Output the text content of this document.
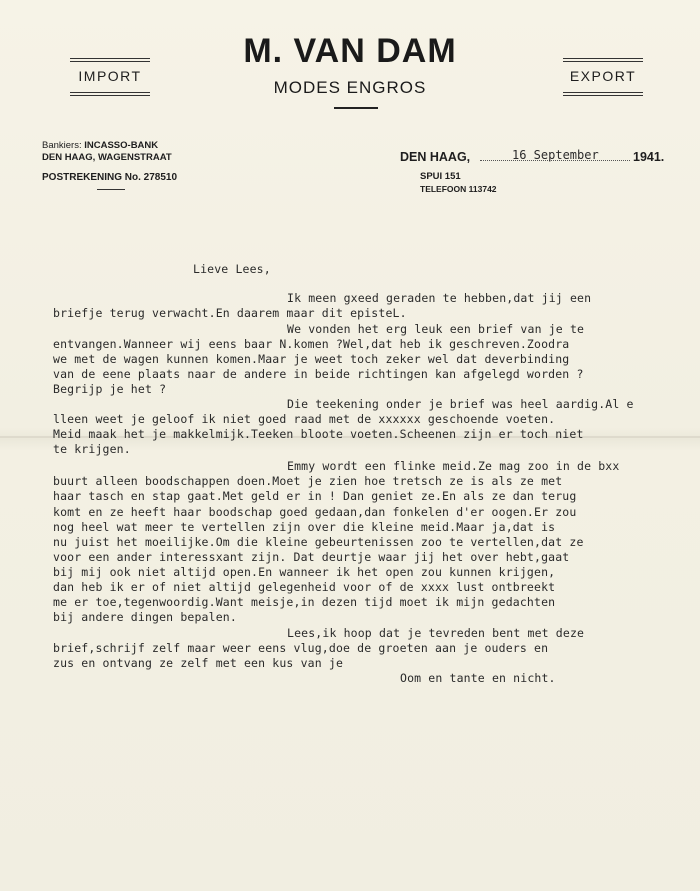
IMPORT
M. VAN DAM
MODES ENGROS
EXPORT
Bankiers: INCASSO-BANK
DEN HAAG, WAGENSTRAAT
POSTREKENING No. 278510
DEN HAAG,	16 September	1941.
SPUI 151
TELEFOON 113742
Lieve Lees,
Ik meen gxeed geraden te hebben,dat jij een
briefje terug verwacht.En daarem maar dit episteL.
We vonden het erg leuk een brief van je te
entvangen.Wanneer wij eens baar N.komen ?Wel,dat heb ik geschreven.Zoodra
we met de wagen kunnen komen.Maar je weet toch zeker wel dat deverbinding
van de eene plaats naar de andere in beide richtingen kan afgelegd worden ?
Begrijp je het ?
Die teekening onder je brief was heel aardig.Al e
lleen weet je geloof ik niet goed raad met de xxxxxx geschoende voeten.
Meid maak het je makkelmijk.Teeken bloote voeten.Scheenen zijn er toch niet
te krijgen.
Emmy wordt een flinke meid.Ze mag zoo in de bxx
buurt alleen boodschappen doen.Moet je zien hoe tretsch ze is als ze met
haar tasch en stap gaat.Met geld er in ! Dan geniet ze.En als ze dan terug
komt en ze heeft haar boodschap goed gedaan,dan fonkelen d'er oogen.Er zou
nog heel wat meer te vertellen zijn over die kleine meid.Maar ja,dat is
nu juist het moeilijke.Om die kleine gebeurtenissen zoo te vertellen,dat ze
voor een ander interessxant zijn. Dat deurtje waar jij het over hebt,gaat
bij mij ook niet altijd open.En wanneer ik het open zou kunnen krijgen,
dan heb ik er of niet altijd gelegenheid voor of de xxxx lust ontbreekt
me er toe,tegenwoordig.Want meisje,in dezen tijd moet ik mijn gedachten
bij andere dingen bepalen.
Lees,ik hoop dat je tevreden bent met deze
brief,schrijf zelf maar weer eens vlug,doe de groeten aan je ouders en
zus en ontvang ze zelf met een kus van je
Oom en tante en nicht.
